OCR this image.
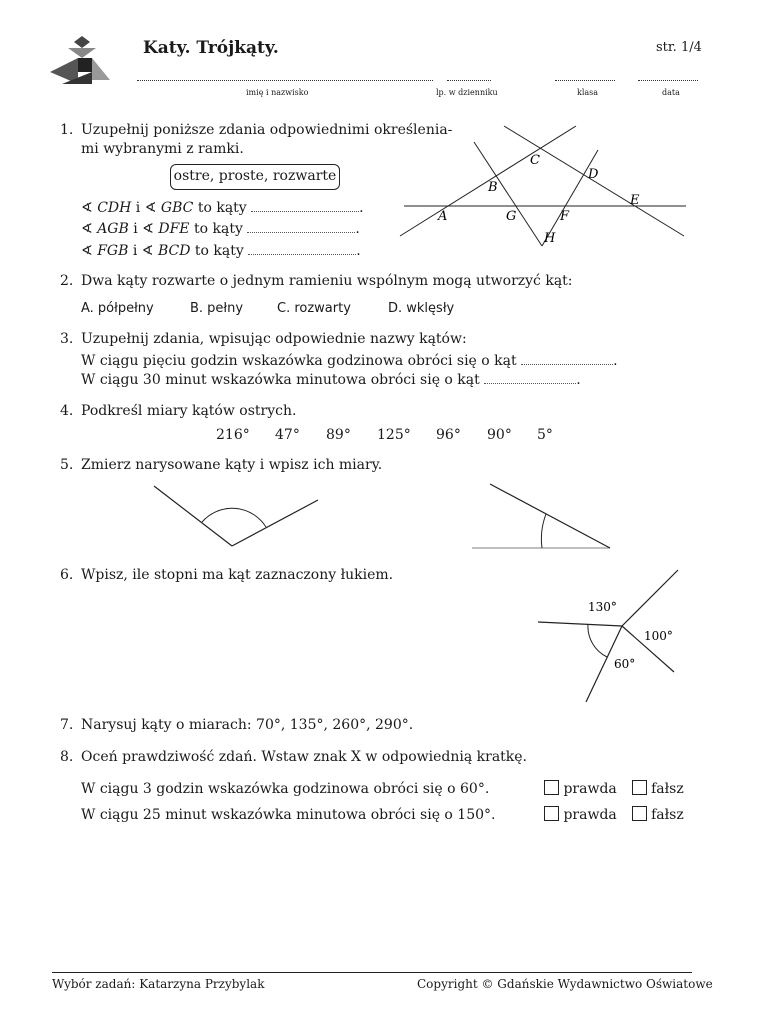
Katy. Trójkąty.	str. 1/4
imię i nazwisko	lp. w dzienniku	klasa	data
1. Uzupełnij poniższe zdania odpowiednimi określenia-
mi wybranymi z ramki.
ostre, proste, rozwarte
∢ CDH i ∢ GBC to kąty	.
∢ AGB i ∢ DFE to kąty	.
∢ FGB i ∢ BCD to kąty	.
A
B
C
D
E
F
G
H
2. Dwa kąty rozwarte o jednym ramieniu wspólnym mogą utworzyć kąt:
A. półpełny	B. pełny	C. rozwarty	D. wklęsły
3. Uzupełnij zdania, wpisując odpowiednie nazwy kątów:
W ciągu pięciu godzin wskazówka godzinowa obróci się o kąt	.
W ciągu 30 minut wskazówka minutowa obróci się o kąt	.
4. Podkreśl miary kątów ostrych.
216° 47° 89° 125° 96° 90° 5°
5. Zmierz narysowane kąty i wpisz ich miary.
6. Wpisz, ile stopni ma kąt zaznaczony łukiem.
130°
100°
60°
7. Narysuj kąty o miarach: 70°, 135°, 260°, 290°.
8. Oceń prawdziwość zdań. Wstaw znak X w odpowiednią kratkę.
W ciągu 3 godzin wskazówka godzinowa obróci się o 60°.	prawda fałsz
W ciągu 25 minut wskazówka minutowa obróci się o 150°.	prawda fałsz
Wybór zadań: Katarzyna Przybylak	Copyright © Gdańskie Wydawnictwo Oświatowe
